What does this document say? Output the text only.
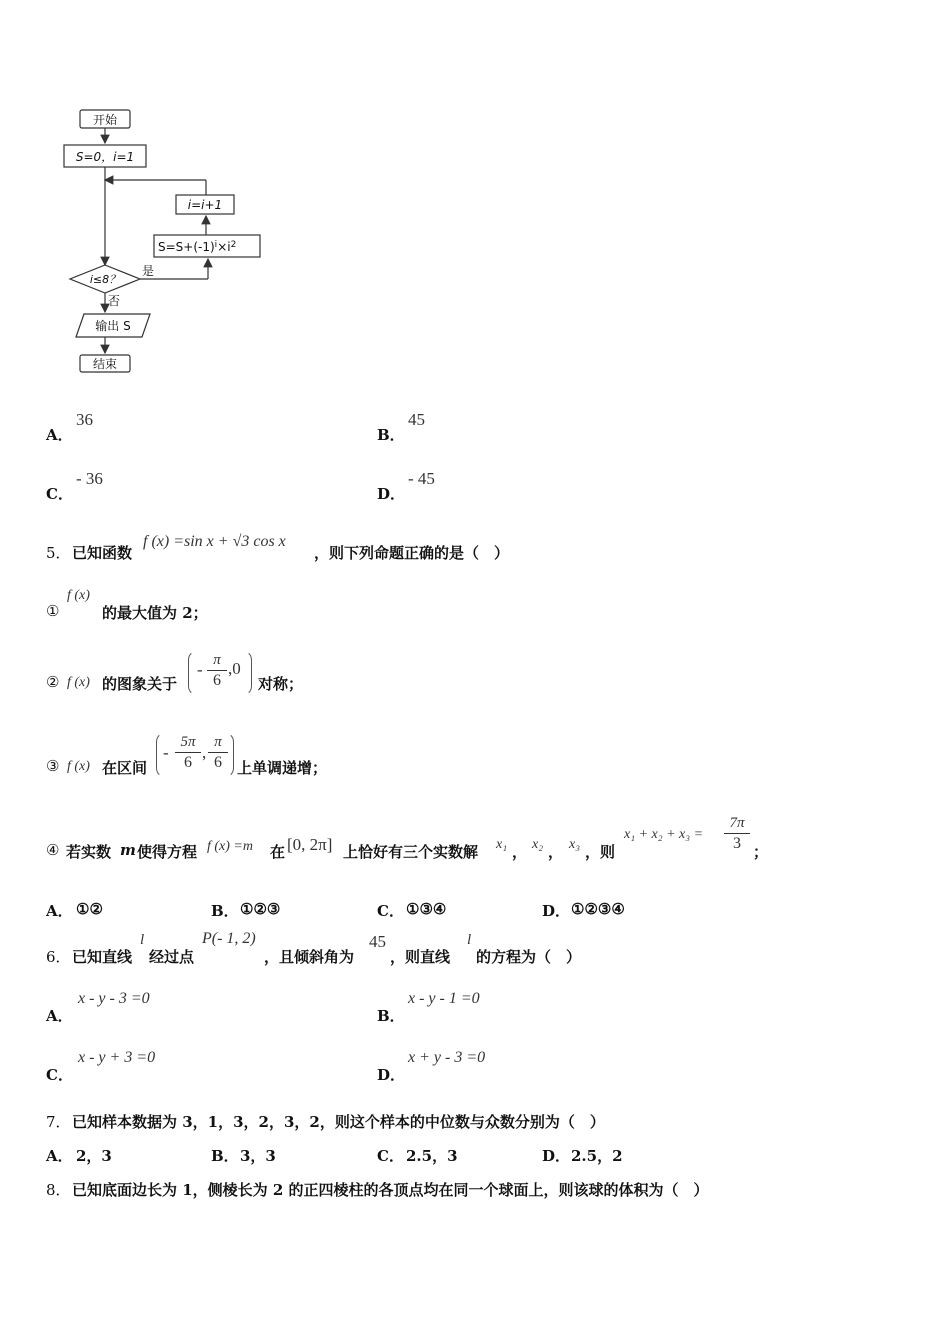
开始
S=0，i=1
i=i+1
$S=S+(-1)^i\times i^2$
i≤8？
是
否
输出 S
结束
A．
36
B．
45
C．
- 36
D．
- 45
5． 已知函数
f (x) =sin x + √3 cos x
，则下列命题正确的是（　）
①
f (x)
的最大值为 2；
② f (x) 的图象关于
- π
6
,0
对称；
③ f (x) 在区间
-
5π
6
,
π
6	上单调递增；
④ 若实数 m 使得方程 f (x) =m 在 [0, 2π] 上恰好有三个实数解 x₁ ， x₂ ， x₃ ，则
x₁ + x₂ + x₃ =
7π
3 ；
A． ①②	B． ①②③	C． ①③④	D． ①②③④
6． 已知直线
l
经过点
P(- 1, 2)
，且倾斜角为
45
，则直线
l
的方程为（　）
A．
x - y - 3 =0
B．
x - y - 1 =0
C．
x - y + 3 =0
D．
x + y - 3 =0
7． 已知样本数据为 3，1，3，2，3，2，则这个样本的中位数与众数分别为（　）
A． 2，3	B． 3，3	C． 2.5，3	D． 2.5，2
8． 已知底面边长为 1，侧棱长为 2 的正四棱柱的各顶点均在同一个球面上，则该球的体积为（　）
